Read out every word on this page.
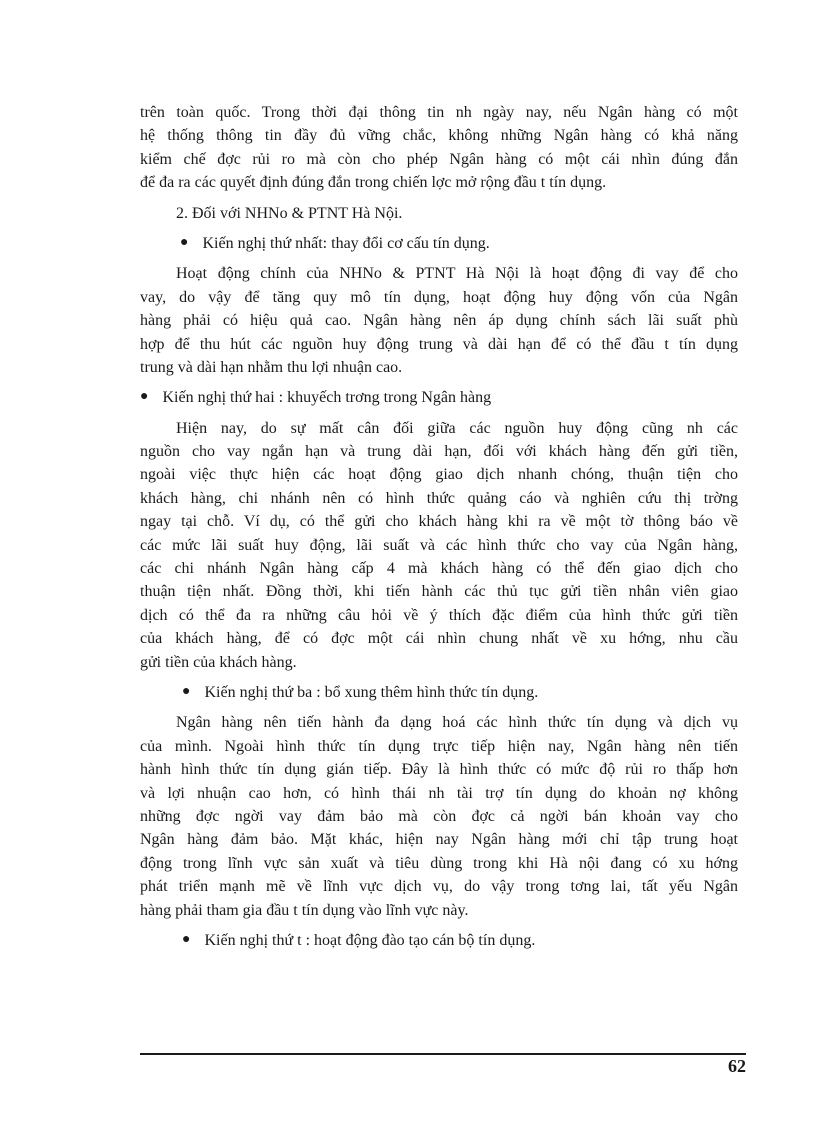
trên toàn quốc. Trong thời đại thông tin nh ngày nay, nếu Ngân hàng có một
hệ thống thông tin đầy đủ vững chắc, không những Ngân hàng có khả năng
kiểm chế đợc rủi ro mà còn cho phép Ngân hàng có một cái nhìn đúng đắn
để đa ra các quyết định đúng đắn trong chiến lợc mở rộng đầu t tín dụng.
2. Đối với NHNo & PTNT Hà Nội.
● Kiến nghị thứ nhất: thay đổi cơ cấu tín dụng.
Hoạt động chính của NHNo & PTNT Hà Nội là hoạt động đi vay để cho
vay, do vậy để tăng quy mô tín dụng, hoạt động huy động vốn của Ngân
hàng phải có hiệu quả cao. Ngân hàng nên áp dụng chính sách lãi suất phù
hợp để thu hút các nguồn huy động trung và dài hạn để có thể đầu t tín dụng
trung và dài hạn nhằm thu lợi nhuận cao.
● Kiến nghị thứ hai : khuyếch trơng trong Ngân hàng
Hiện nay, do sự mất cân đối giữa các nguồn huy động cũng nh các
nguồn cho vay ngắn hạn và trung dài hạn, đối với khách hàng đến gửi tiền,
ngoài việc thực hiện các hoạt động giao dịch nhanh chóng, thuận tiện cho
khách hàng, chi nhánh nên có hình thức quảng cáo và nghiên cứu thị trờng
ngay tại chỗ. Ví dụ, có thể gửi cho khách hàng khi ra về một tờ thông báo về
các mức lãi suất huy động, lãi suất và các hình thức cho vay của Ngân hàng,
các chi nhánh Ngân hàng cấp 4 mà khách hàng có thể đến giao dịch cho
thuận tiện nhất. Đồng thời, khi tiến hành các thủ tục gửi tiền nhân viên giao
dịch có thể đa ra những câu hỏi về ý thích đặc điểm của hình thức gửi tiền
của khách hàng, để có đợc một cái nhìn chung nhất về xu hớng, nhu cầu
gửi tiền của khách hàng.
● Kiến nghị thứ ba : bổ xung thêm hình thức tín dụng.
Ngân hàng nên tiến hành đa dạng hoá các hình thức tín dụng và dịch vụ
của mình. Ngoài hình thức tín dụng trực tiếp hiện nay, Ngân hàng nên tiến
hành hình thức tín dụng gián tiếp. Đây là hình thức có mức độ rủi ro thấp hơn
và lợi nhuận cao hơn, có hình thái nh tài trợ tín dụng do khoản nợ không
những đợc ngời vay đảm bảo mà còn đợc cả ngời bán khoản vay cho
Ngân hàng đảm bảo. Mặt khác, hiện nay Ngân hàng mới chỉ tập trung hoạt
động trong lĩnh vực sản xuất và tiêu dùng trong khi Hà nội đang có xu hớng
phát triển mạnh mẽ về lĩnh vực dịch vụ, do vậy trong tơng lai, tất yếu Ngân
hàng phải tham gia đầu t tín dụng vào lĩnh vực này.
● Kiến nghị thứ t : hoạt động đào tạo cán bộ tín dụng.
62
